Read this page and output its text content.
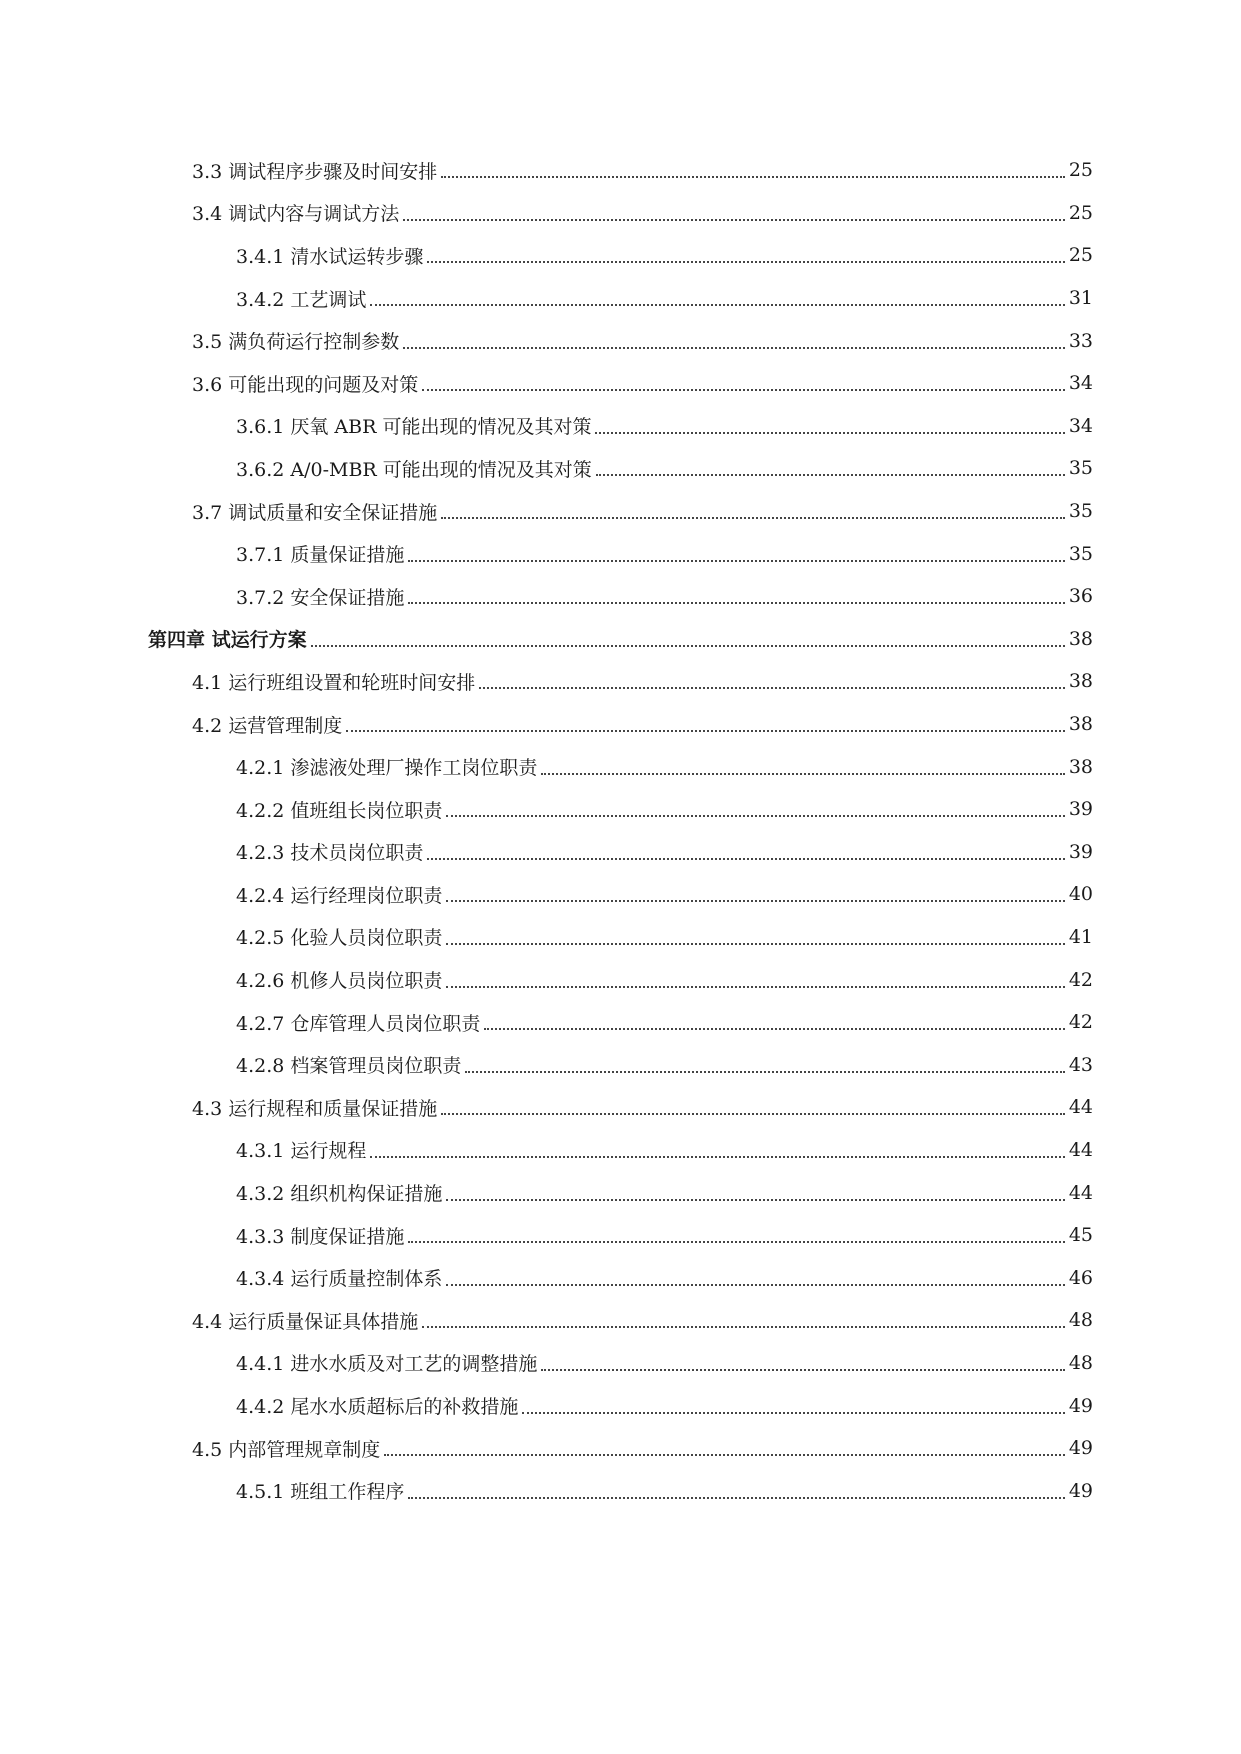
3.3 调试程序步骤及时间安排	25
3.4 调试内容与调试方法	25
3.4.1 清水试运转步骤	25
3.4.2 工艺调试	31
3.5 满负荷运行控制参数	33
3.6 可能出现的问题及对策	34
3.6.1 厌氧 ABR 可能出现的情况及其对策	34
3.6.2 A/0-MBR 可能出现的情况及其对策	35
3.7 调试质量和安全保证措施	35
3.7.1 质量保证措施	35
3.7.2 安全保证措施	36
第四章 试运行方案	38
4.1 运行班组设置和轮班时间安排	38
4.2 运营管理制度	38
4.2.1 渗滤液处理厂操作工岗位职责	38
4.2.2 值班组长岗位职责	39
4.2.3 技术员岗位职责	39
4.2.4 运行经理岗位职责	40
4.2.5 化验人员岗位职责	41
4.2.6 机修人员岗位职责	42
4.2.7 仓库管理人员岗位职责	42
4.2.8 档案管理员岗位职责	43
4.3 运行规程和质量保证措施	44
4.3.1 运行规程	44
4.3.2 组织机构保证措施	44
4.3.3 制度保证措施	45
4.3.4 运行质量控制体系	46
4.4 运行质量保证具体措施	48
4.4.1 进水水质及对工艺的调整措施	48
4.4.2 尾水水质超标后的补救措施	49
4.5 内部管理规章制度	49
4.5.1 班组工作程序	49
